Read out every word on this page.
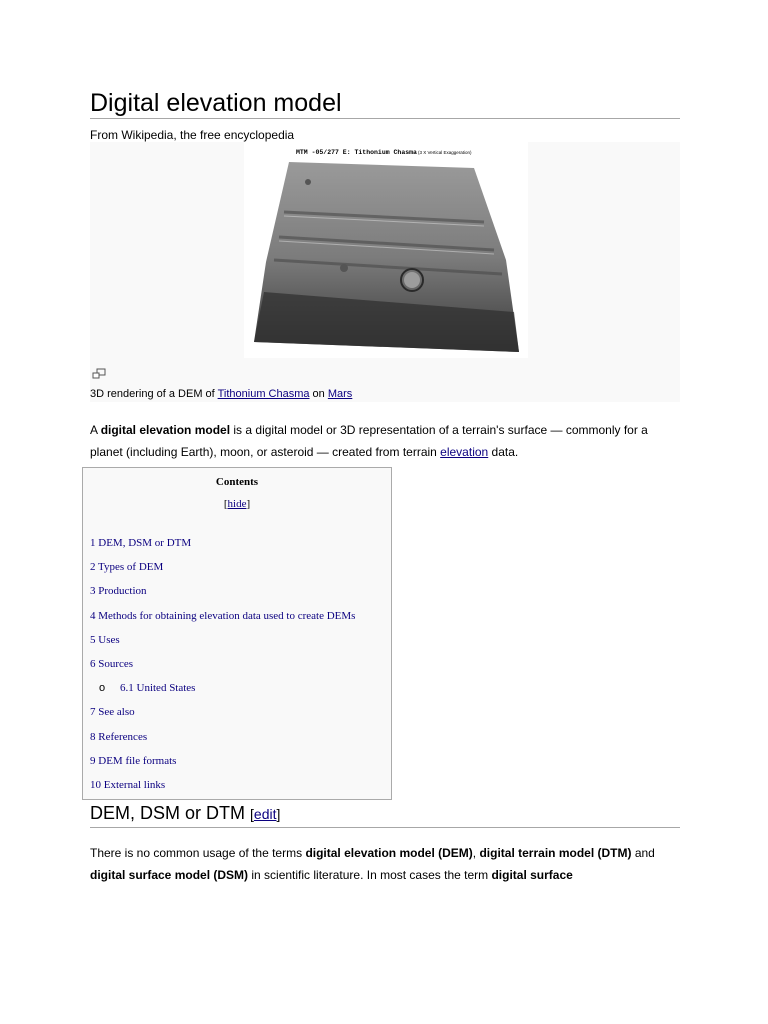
Digital elevation model
From Wikipedia, the free encyclopedia
MTM -05/277 E: Tithonium Chasma (3 X Vertical Exaggeration)
3D rendering of a DEM of Tithonium Chasma on Mars

A digital elevation model is a digital model or 3D representation of a terrain's surface — commonly for a planet (including Earth), moon, or asteroid — created from terrain elevation data.

Contents
[hide]
1 DEM, DSM or DTM
2 Types of DEM
3 Production
4 Methods for obtaining elevation data used to create DEMs
5 Uses
6 Sources
o 6.1 United States
7 See also
8 References
9 DEM file formats
10 External links
DEM, DSM or DTM [edit]

There is no common usage of the terms digital elevation model (DEM), digital terrain model (DTM) and digital surface model (DSM) in scientific literature. In most cases the term digital surface
